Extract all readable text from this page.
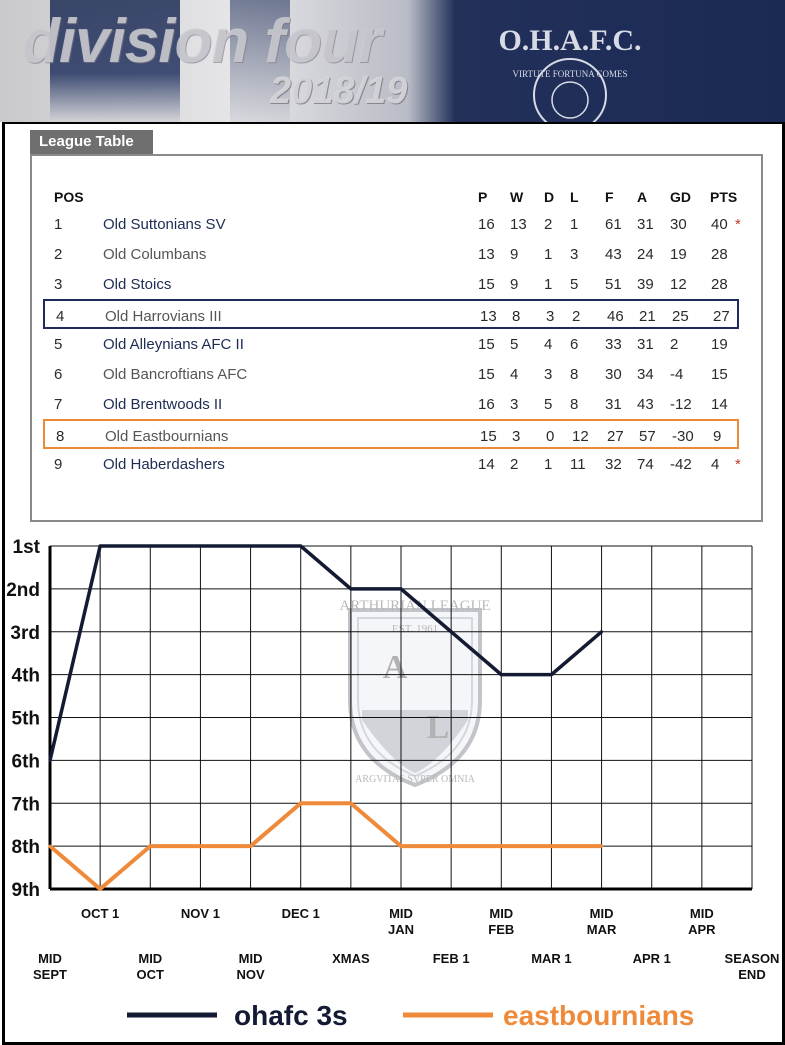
division four
2018/19
O.H.A.F.C.
VIRTUTE FORTUNA COMES
League Table
POS	P W D L F A GD PTS
1	Old Suttonians SV	16 13 2 1 61 31 30 40 *
2	Old Columbans	13 9 1 3 43 24 19 28
3	Old Stoics	15 9 1 5 51 39 12 28
4	Old Harrovians III	13 8 3 2 46 21 25 27
5	Old Alleynians AFC II	15 5 4 6 33 31 2 19
6	Old Bancroftians AFC	15 4 3 8 30 34 -4 15
7	Old Brentwoods II	16 3 5 8 31 43 -12 14
8	Old Eastbournians	15 3 0 12 27 57 -30 9
9	Old Haberdashers	14 2 1 11 32 74 -42 4 *
ARTHURIAN LEAGUE
EST. 1961
A
L
ARGVITAS SVPER OMNIA
1st
2nd
3rd
4th
5th
6th
7th
8th
9th
OCT 1	NOV 1	DEC 1	MID
JAN
MID
FEB
MID
MAR
MID
APR
MID
SEPT
MID
OCT
MID
NOV
XMAS	FEB 1	MAR 1	APR 1	SEASON
END
ohafc 3s	eastbournians
